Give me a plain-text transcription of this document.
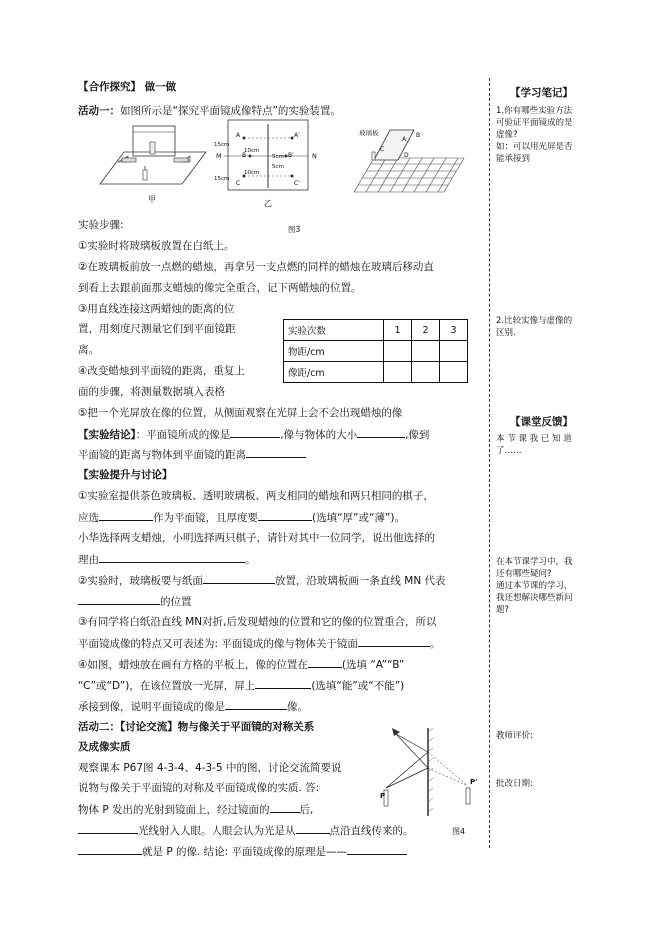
【合作探究】 做一做
活动一：如图所示是“探究平面镜成像特点”的实验装置。
甲
M	N
15cm
10cm
5cm
5cm
10cm
15cm
A
B
C
A'
B'
C'
乙
玻璃板
A
B
C
D
图3
实验步骤:
①实验时将玻璃板放置在白纸上。
②在玻璃板前放一点燃的蜡烛，再拿另一支点燃的同样的蜡烛在玻璃后移动直
到看上去跟前面那支蜡烛的像完全重合，记下两蜡烛的位置。
③用直线连接这两蜡烛的距离的位
置，用刻度尺测量它们到平面镜距
离。
④改变蜡烛到平面镜的距离，重复上
面的步骤，将测量数据填入表格
⑤把一个光屏放在像的位置，从侧面观察在光屏上会不会出现蜡烛的像
实验次数	1	2	3
物距/cm			
像距/cm			
【实验结论】：平面镜所成的像是	,像与物体的大小	,像到
平面镜的距离与物体到平面镜的距离
【实验提升与讨论】
①实验室提供茶色玻璃板、透明玻璃板、两支相同的蜡烛和两只相同的棋子，
应选	作为平面镜，且厚度要	(选填“厚”或“薄”)。
小华选择两支蜡烛，小明选择两只棋子，请针对其中一位同学，说出他选择的
理由	。
②实验时，玻璃板要与纸面	放置，沿玻璃板画一条直线 MN 代表
的位置
③有同学将白纸沿直线 MN对折,后发现蜡烛的位置和它的像的位置重合，所以
平面镜成像的特点又可表述为: 平面镜成的像与物体关于镜面	。
④如图，蜡烛放在画有方格的平板上，像的位置在	(选填 “A”“B”
“C”或“D”)，在该位置放一光屏，屏上	(选填“能”或“不能”)
承接到像，说明平面镜成的像是	像。
活动二：【讨论交流】物与像关于平面镜的对称关系
及成像实质
观察课本 P67图 4-3-4、4-3-5 中的图，讨论交流简要说
说物与像关于平面镜的对称及平面镜成像的实质. 答:
物体 P 发出的光射到镜面上，经过镜面的	后,
光线射入人眼。人眼会认为光是从	点沿直线传来的。	图4
就是 P 的像. 结论: 平面镜成像的原理是——
P
P'
【学习笔记】
1.你有哪些实验方法
可验证平面镜成的是
虚像?
如：可以用光屏是否
能承接到
2.比较实像与虚像的
区别.
【课堂反馈】
本 节 课 我 已 知 道
了……
在本节课学习中，我
还有哪些疑问?
通过本节课的学习，
我还想解决哪些新问
题?
教师评价:
批改日期:
